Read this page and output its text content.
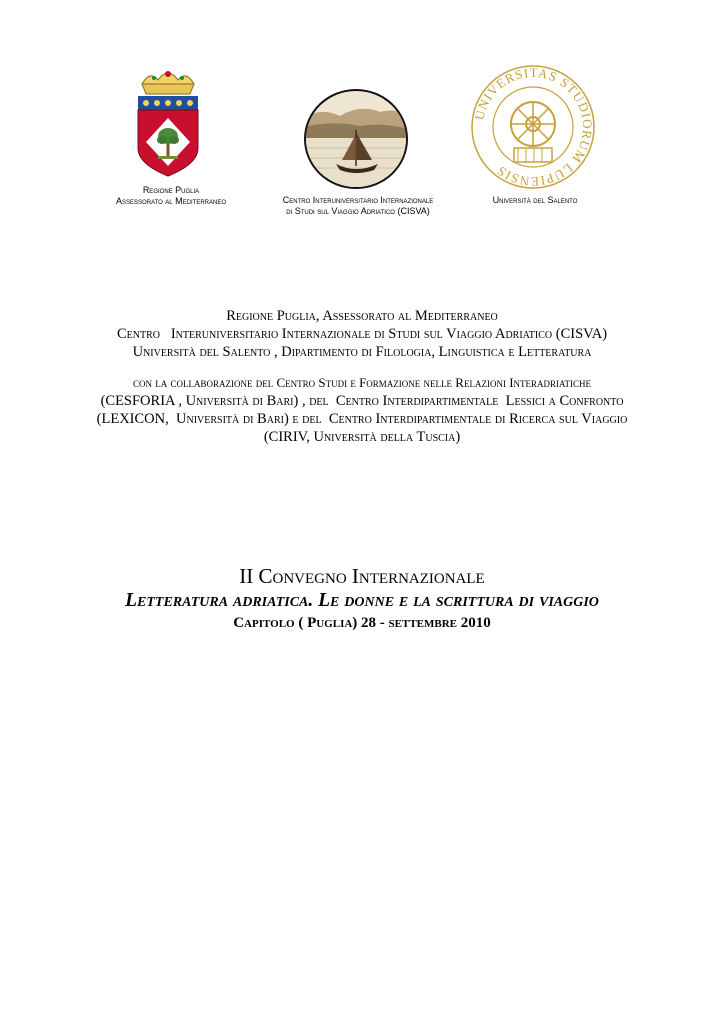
UNIVERSITAS STUDIORUM LUPIENSIS
Regione Puglia
Assessorato al Mediterraneo	Centro Interuniversitario Internazionale
di Studi sul Viaggio Adriatico (CISVA)
Università del Salento
Regione Puglia, Assessorato al Mediterraneo
Centro   Interuniversitario Internazionale di Studi sul Viaggio Adriatico (CISVA)
Università del Salento , Dipartimento di Filologia, Linguistica e Letteratura
con la collaborazione del Centro Studi e Formazione nelle Relazioni Interadriatiche
(CESFORIA , Università di Bari) , del  Centro Interdipartimentale  Lessici a Confronto
(LEXICON,  Università di Bari) e del  Centro Interdipartimentale di Ricerca sul Viaggio
(CIRIV, Università della Tuscia)
II Convegno Internazionale
Letteratura adriatica. Le donne e la scrittura di viaggio
Capitolo ( Puglia) 28 - settembre 2010
